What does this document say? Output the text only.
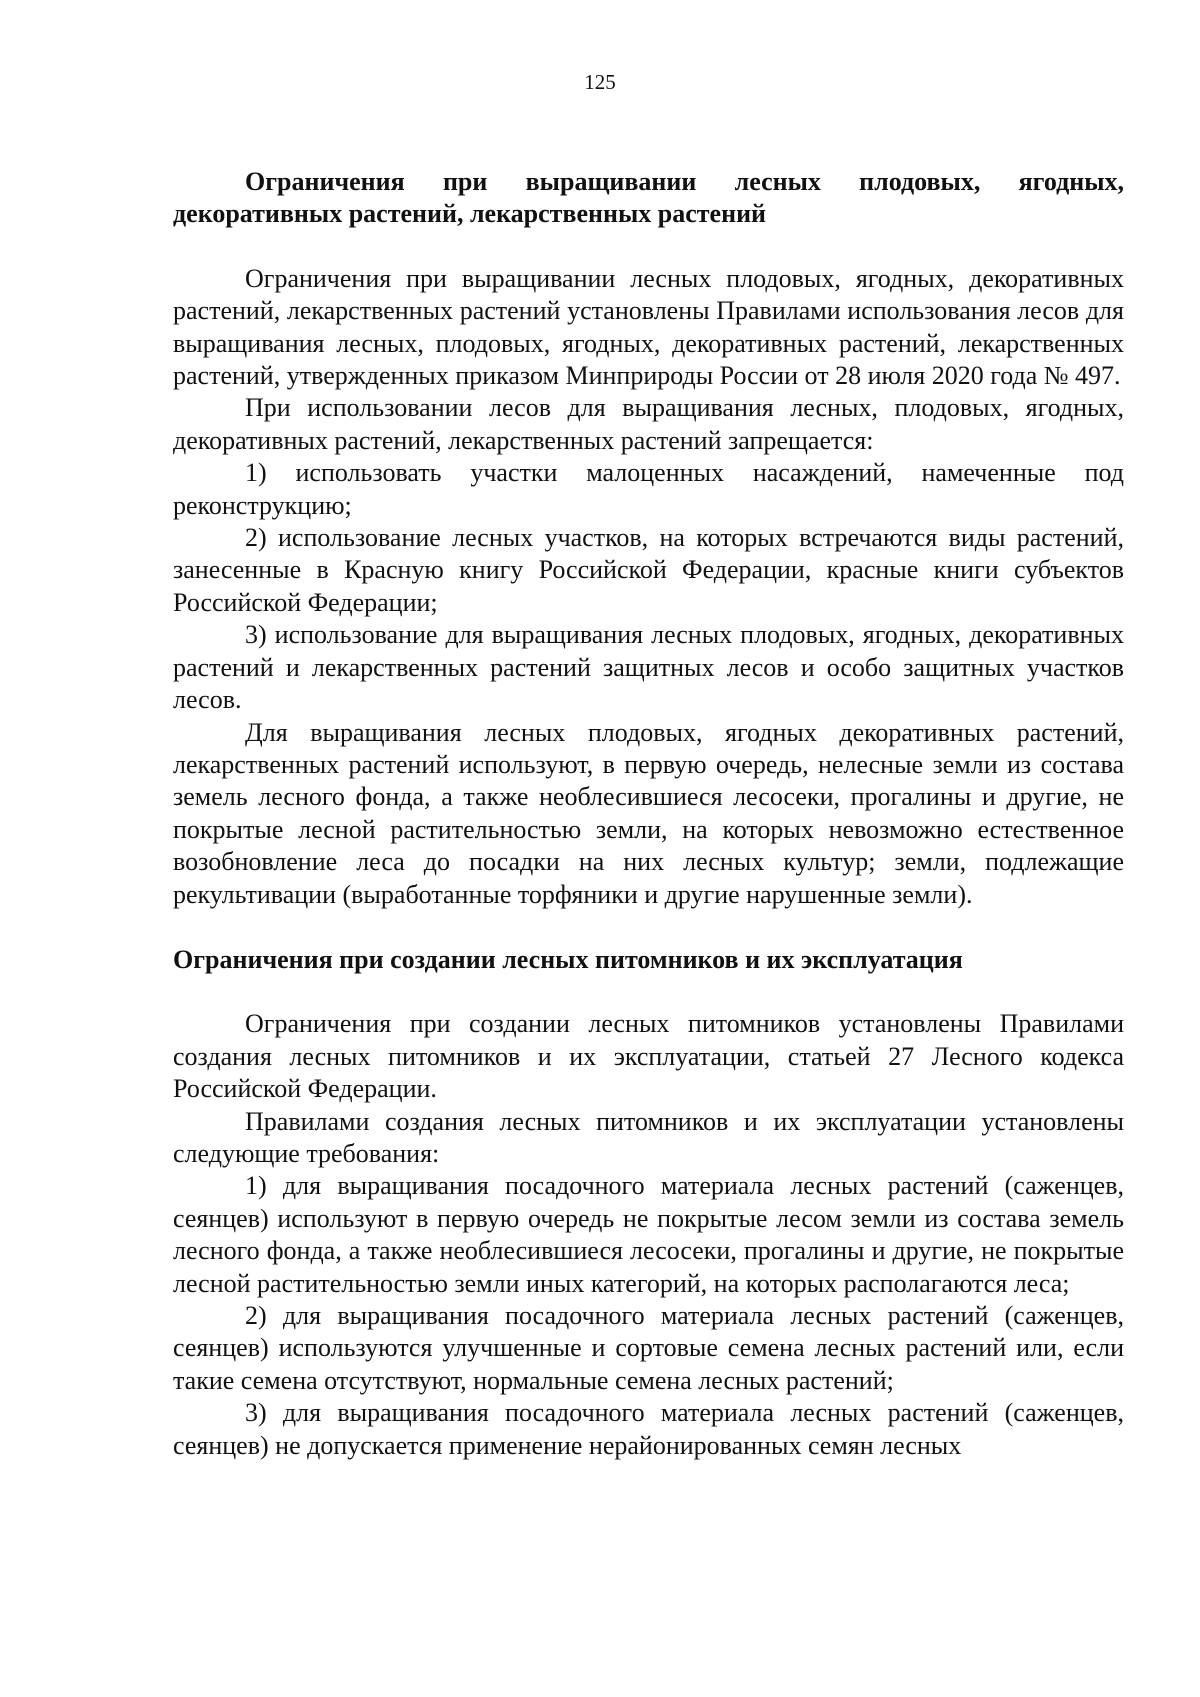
125

Ограничения при выращивании лесных плодовых, ягодных, декоративных растений, лекарственных растений

Ограничения при выращивании лесных плодовых, ягодных, декоративных растений, лекарственных растений установлены Правилами использования лесов для выращивания лесных, плодовых, ягодных, декоративных растений, лекарственных растений, утвержденных приказом Минприроды России от 28 июля 2020 года № 497.

При использовании лесов для выращивания лесных, плодовых, ягодных, декоративных растений, лекарственных растений запрещается:

1) использовать участки малоценных насаждений, намеченные под реконструкцию;

2) использование лесных участков, на которых встречаются виды растений, занесенные в Красную книгу Российской Федерации, красные книги субъектов Российской Федерации;

3) использование для выращивания лесных плодовых, ягодных, декоративных растений и лекарственных растений защитных лесов и особо защитных участков лесов.

Для выращивания лесных плодовых, ягодных декоративных растений, лекарственных растений используют, в первую очередь, нелесные земли из состава земель лесного фонда, а также необлесившиеся лесосеки, прогалины и другие, не покрытые лесной растительностью земли, на которых невозможно естественное возобновление леса до посадки на них лесных культур; земли, подлежащие рекультивации (выработанные торфяники и другие нарушенные земли).

Ограничения при создании лесных питомников и их эксплуатация

Ограничения при создании лесных питомников установлены Правилами создания лесных питомников и их эксплуатации, статьей 27 Лесного кодекса Российской Федерации.

Правилами создания лесных питомников и их эксплуатации установлены следующие требования:

1) для выращивания посадочного материала лесных растений (саженцев, сеянцев) используют в первую очередь не покрытые лесом земли из состава земель лесного фонда, а также необлесившиеся лесосеки, прогалины и другие, не покрытые лесной растительностью земли иных категорий, на которых располагаются леса;

2) для выращивания посадочного материала лесных растений (саженцев, сеянцев) используются улучшенные и сортовые семена лесных растений или, если такие семена отсутствуют, нормальные семена лесных растений;

3) для выращивания посадочного материала лесных растений (саженцев, сеянцев) не допускается применение нерайонированных семян лесных
